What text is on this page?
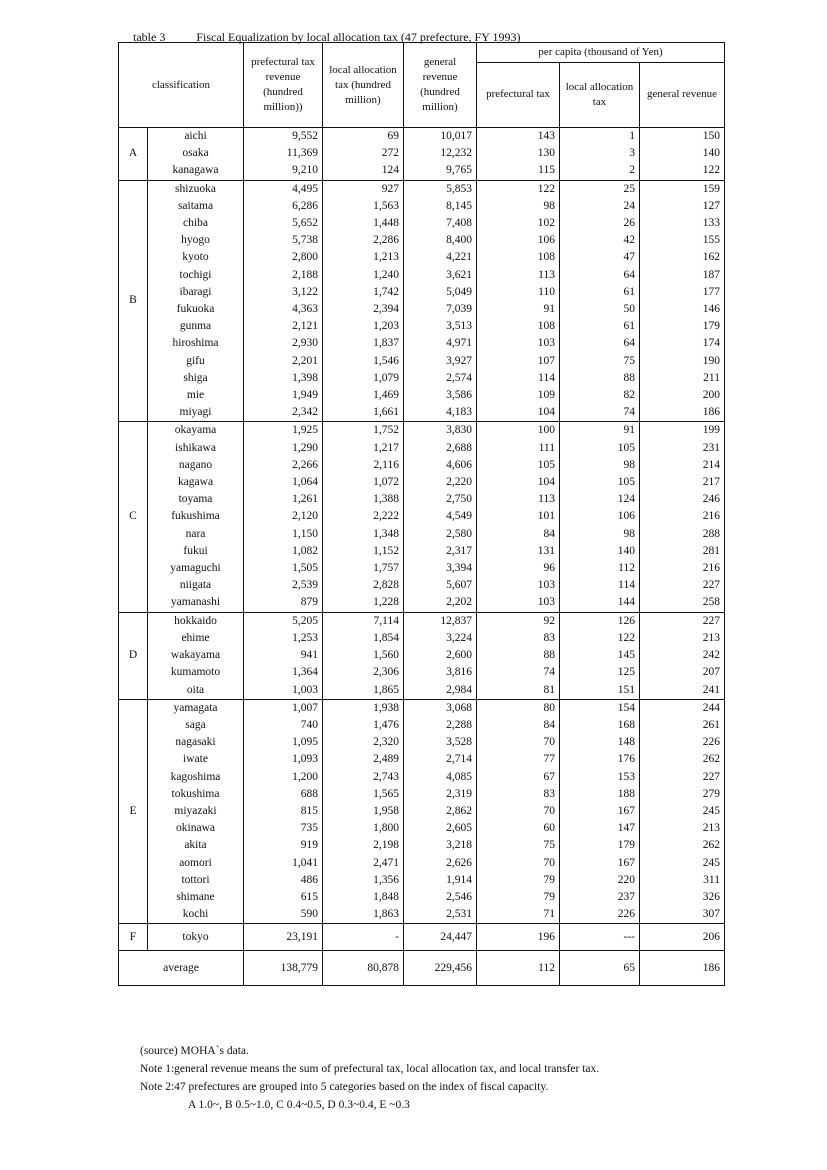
table 3	Fiscal Equalization by local allocation tax (47 prefecture, FY 1993)
classification		prefectural tax revenue (hundred million))	local allocation tax (hundred million)	general revenue (hundred million)	per capita (thousand of Yen)		
					prefectural tax	local allocation tax	general revenue
A	aichi	9,552	69	10,017	143	1	150
	osaka	11,369	272	12,232	130	3	140
	kanagawa	9,210	124	9,765	115	2	122
B	shizuoka	4,495	927	5,853	122	25	159
	saitama	6,286	1,563	8,145	98	24	127
	chiba	5,652	1,448	7,408	102	26	133
	hyogo	5,738	2,286	8,400	106	42	155
	kyoto	2,800	1,213	4,221	108	47	162
	tochigi	2,188	1,240	3,621	113	64	187
	ibaragi	3,122	1,742	5,049	110	61	177
	fukuoka	4,363	2,394	7,039	91	50	146
	gunma	2,121	1,203	3,513	108	61	179
	hiroshima	2,930	1,837	4,971	103	64	174
	gifu	2,201	1,546	3,927	107	75	190
	shiga	1,398	1,079	2,574	114	88	211
	mie	1,949	1,469	3,586	109	82	200
	miyagi	2,342	1,661	4,183	104	74	186
C	okayama	1,925	1,752	3,830	100	91	199
	ishikawa	1,290	1,217	2,688	111	105	231
	nagano	2,266	2,116	4,606	105	98	214
	kagawa	1,064	1,072	2,220	104	105	217
	toyama	1,261	1,388	2,750	113	124	246
	fukushima	2,120	2,222	4,549	101	106	216
	nara	1,150	1,348	2,580	84	98	288
	fukui	1,082	1,152	2,317	131	140	281
	yamaguchi	1,505	1,757	3,394	96	112	216
	niigata	2,539	2,828	5,607	103	114	227
	yamanashi	879	1,228	2,202	103	144	258
D	hokkaido	5,205	7,114	12,837	92	126	227
	ehime	1,253	1,854	3,224	83	122	213
	wakayama	941	1,560	2,600	88	145	242
	kumamoto	1,364	2,306	3,816	74	125	207
	oita	1,003	1,865	2,984	81	151	241
E	yamagata	1,007	1,938	3,068	80	154	244
	saga	740	1,476	2,288	84	168	261
	nagasaki	1,095	2,320	3,528	70	148	226
	iwate	1,093	2,489	2,714	77	176	262
	kagoshima	1,200	2,743	4,085	67	153	227
	tokushima	688	1,565	2,319	83	188	279
	miyazaki	815	1,958	2,862	70	167	245
	okinawa	735	1,800	2,605	60	147	213
	akita	919	2,198	3,218	75	179	262
	aomori	1,041	2,471	2,626	70	167	245
	tottori	486	1,356	1,914	79	220	311
	shimane	615	1,848	2,546	79	237	326
	kochi	590	1,863	2,531	71	226	307
F	tokyo	23,191	-	24,447	196	---	206
average		138,779	80,878	229,456	112	65	186
(source) MOHA`s data.
Note 1:general revenue means the sum of prefectural tax, local allocation tax, and local transfer tax.
Note 2:47 prefectures are grouped into 5 categories based on the index of fiscal capacity.
A 1.0~, B 0.5~1.0, C 0.4~0.5, D 0.3~0.4, E ~0.3
